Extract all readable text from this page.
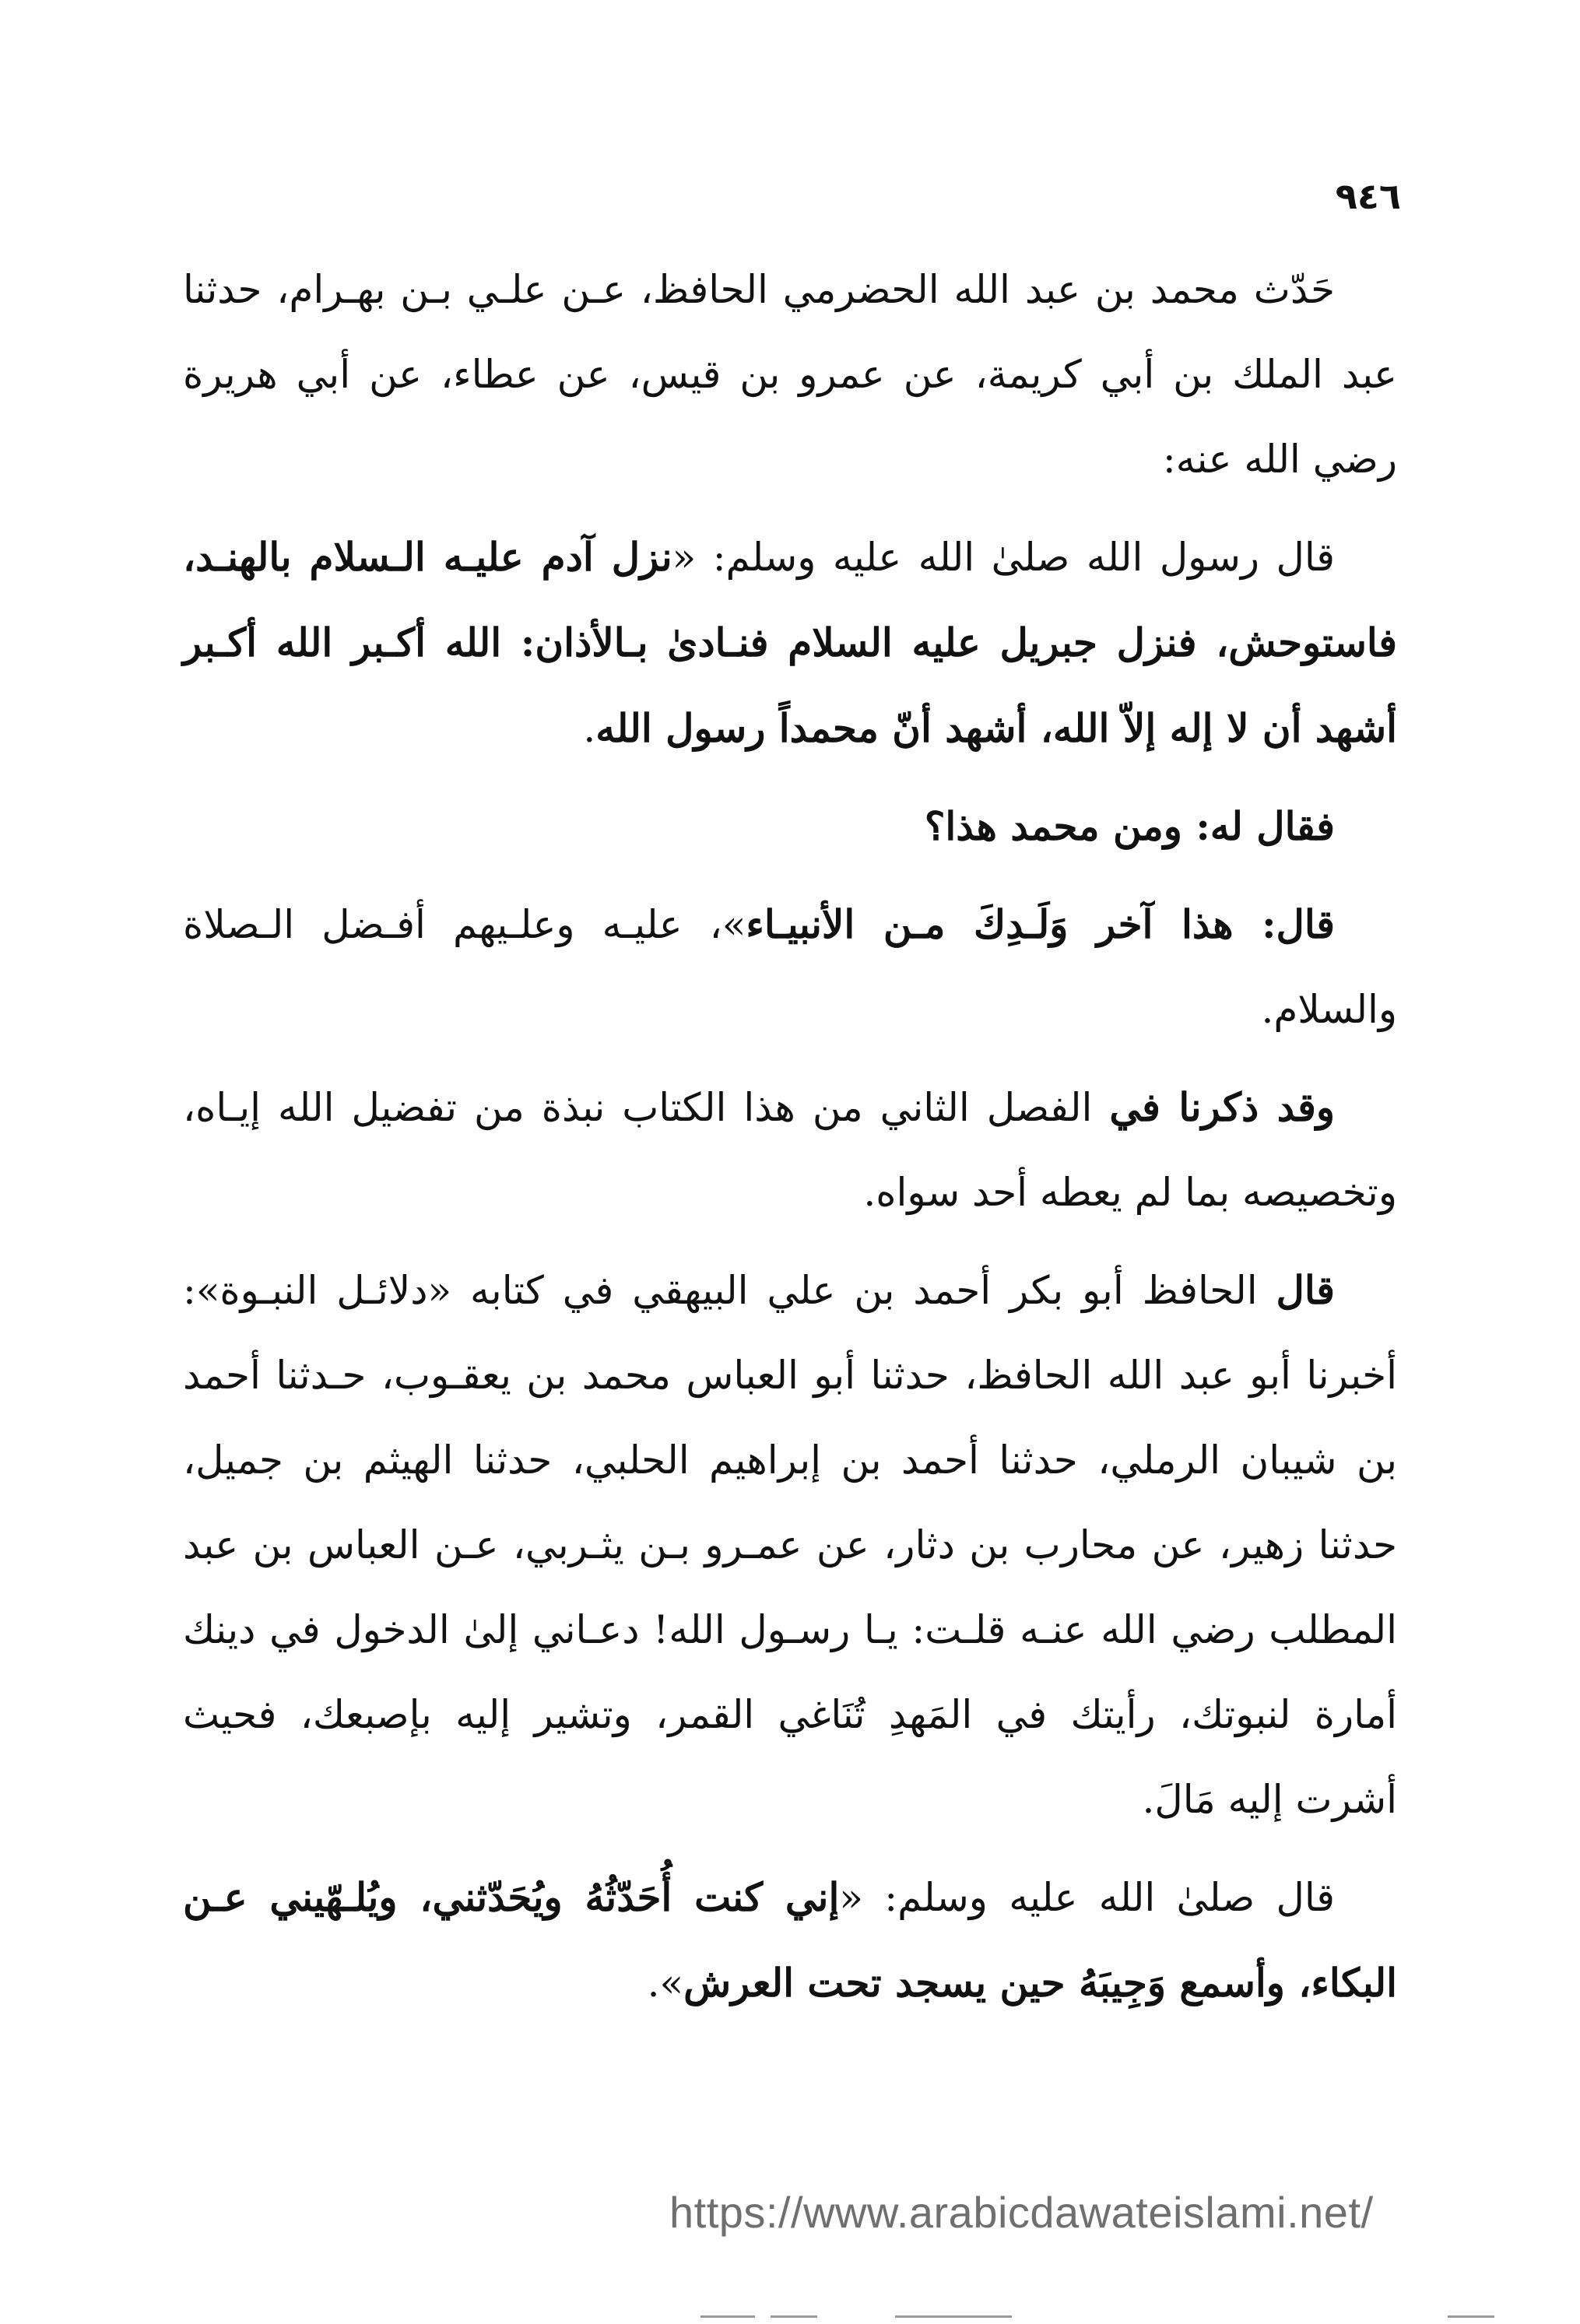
٩٤٦

حَدّث محمد بن عبد الله الحضرمي الحافظ، عـن علـي بـن بهـرام، حدثنا عبد الملك بن أبي كريمة، عن عمرو بن قيس، عن عطاء، عن أبي هريرة رضي الله عنه:

قال رسول الله صلىٰ الله عليه وسلم: «نزل آدم عليـه الـسلام بالهنـد، فاستوحش، فنزل جبريل عليه السلام فنـادىٰ بـالأذان: الله أكـبر الله أكـبر أشهد أن لا إله إلاّ الله، أشهد أنّ محمداً رسول الله.

فقال له: ومن محمد هذا؟

قال: هذا آخر وَلَـدِكَ مـن الأنبيـاء»، عليـه وعلـيهم أفـضل الـصلاة والسلام.

وقد ذكرنا في الفصل الثاني من هذا الكتاب نبذة من تفضيل الله إيـاه، وتخصيصه بما لم يعطه أحد سواه.

قال الحافظ أبو بكر أحمد بن علي البيهقي في كتابه «دلائـل النبـوة»: أخبرنا أبو عبد الله الحافظ، حدثنا أبو العباس محمد بن يعقـوب، حـدثنا أحمد بن شيبان الرملي، حدثنا أحمد بن إبراهيم الحلبي، حدثنا الهيثم بن جميل، حدثنا زهير، عن محارب بن دثار، عن عمـرو بـن يثـربي، عـن العباس بن عبد المطلب رضي الله عنـه قلـت: يـا رسـول الله! دعـاني إلىٰ الدخول في دينك أمارة لنبوتك، رأيتك في المَهدِ تُنَاغي القمر، وتشير إليه بإصبعك، فحيث أشرت إليه مَالَ.

قال صلىٰ الله عليه وسلم: «إني كنت أُحَدّثُهُ ويُحَدّثني، ويُلـهّيني عـن البكاء، وأسمع وَجِيبَهُ حين يسجد تحت العرش».

https://www.arabicdawateislami.net/
